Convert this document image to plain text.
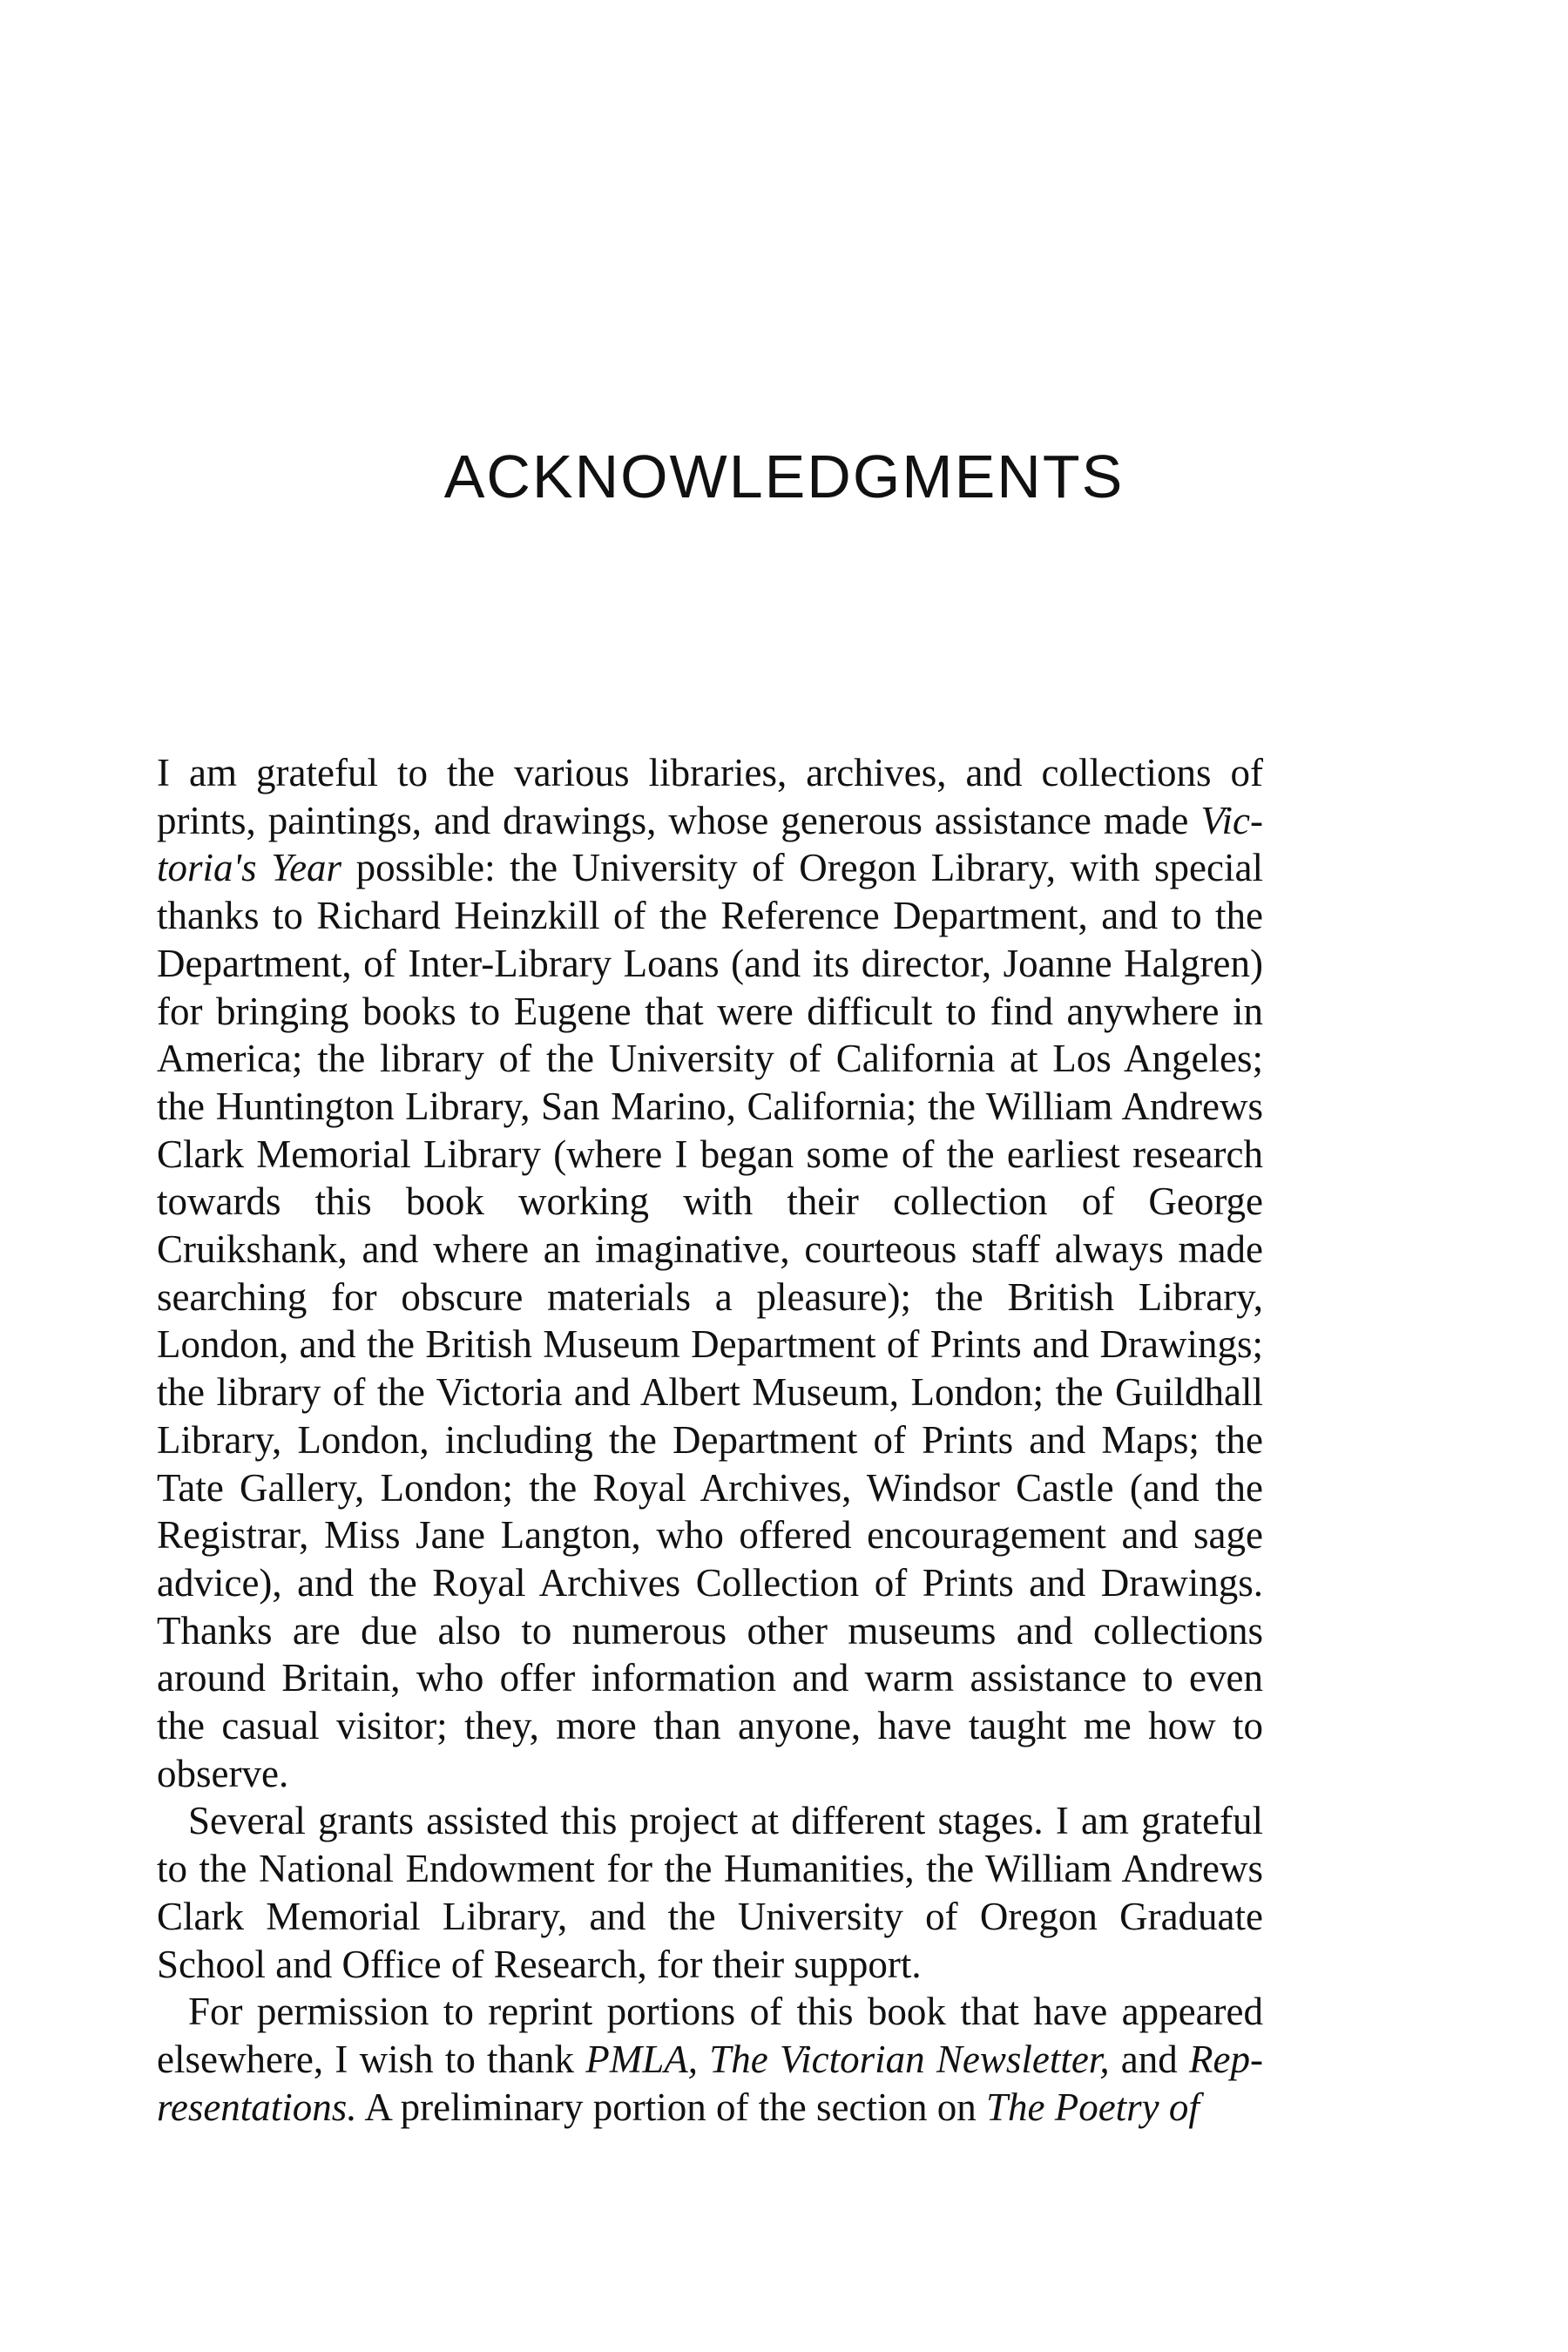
ACKNOWLEDGMENTS

I am grateful to the various libraries, archives, and collections of prints, paintings, and drawings, whose generous assistance made Victoria's Year possible: the University of Oregon Library, with special thanks to Richard Heinzkill of the Reference Department, and to the Department, of Inter-Library Loans (and its director, Joanne Halgren) for bringing books to Eugene that were difficult to find anywhere in America; the library of the University of California at Los Angeles; the Huntington Library, San Marino, California; the William Andrews Clark Memorial Library (where I began some of the earliest research towards this book working with their collection of George Cruikshank, and where an imaginative, courteous staff always made searching for obscure materials a pleasure); the British Library, London, and the British Museum Department of Prints and Drawings; the library of the Victoria and Albert Museum, London; the Guildhall Library, London, including the Department of Prints and Maps; the Tate Gallery, London; the Royal Archives, Windsor Castle (and the Registrar, Miss Jane Langton, who offered encouragement and sage advice), and the Royal Archives Collection of Prints and Drawings. Thanks are due also to numerous other museums and collections around Britain, who offer information and warm assistance to even the casual visitor; they, more than anyone, have taught me how to observe.

Several grants assisted this project at different stages. I am grateful to the National Endowment for the Humanities, the William Andrews Clark Memorial Library, and the University of Oregon Graduate School and Office of Research, for their support.

For permission to reprint portions of this book that have appeared elsewhere, I wish to thank PMLA, The Victorian Newsletter, and Representations. A preliminary portion of the section on The Poetry of
